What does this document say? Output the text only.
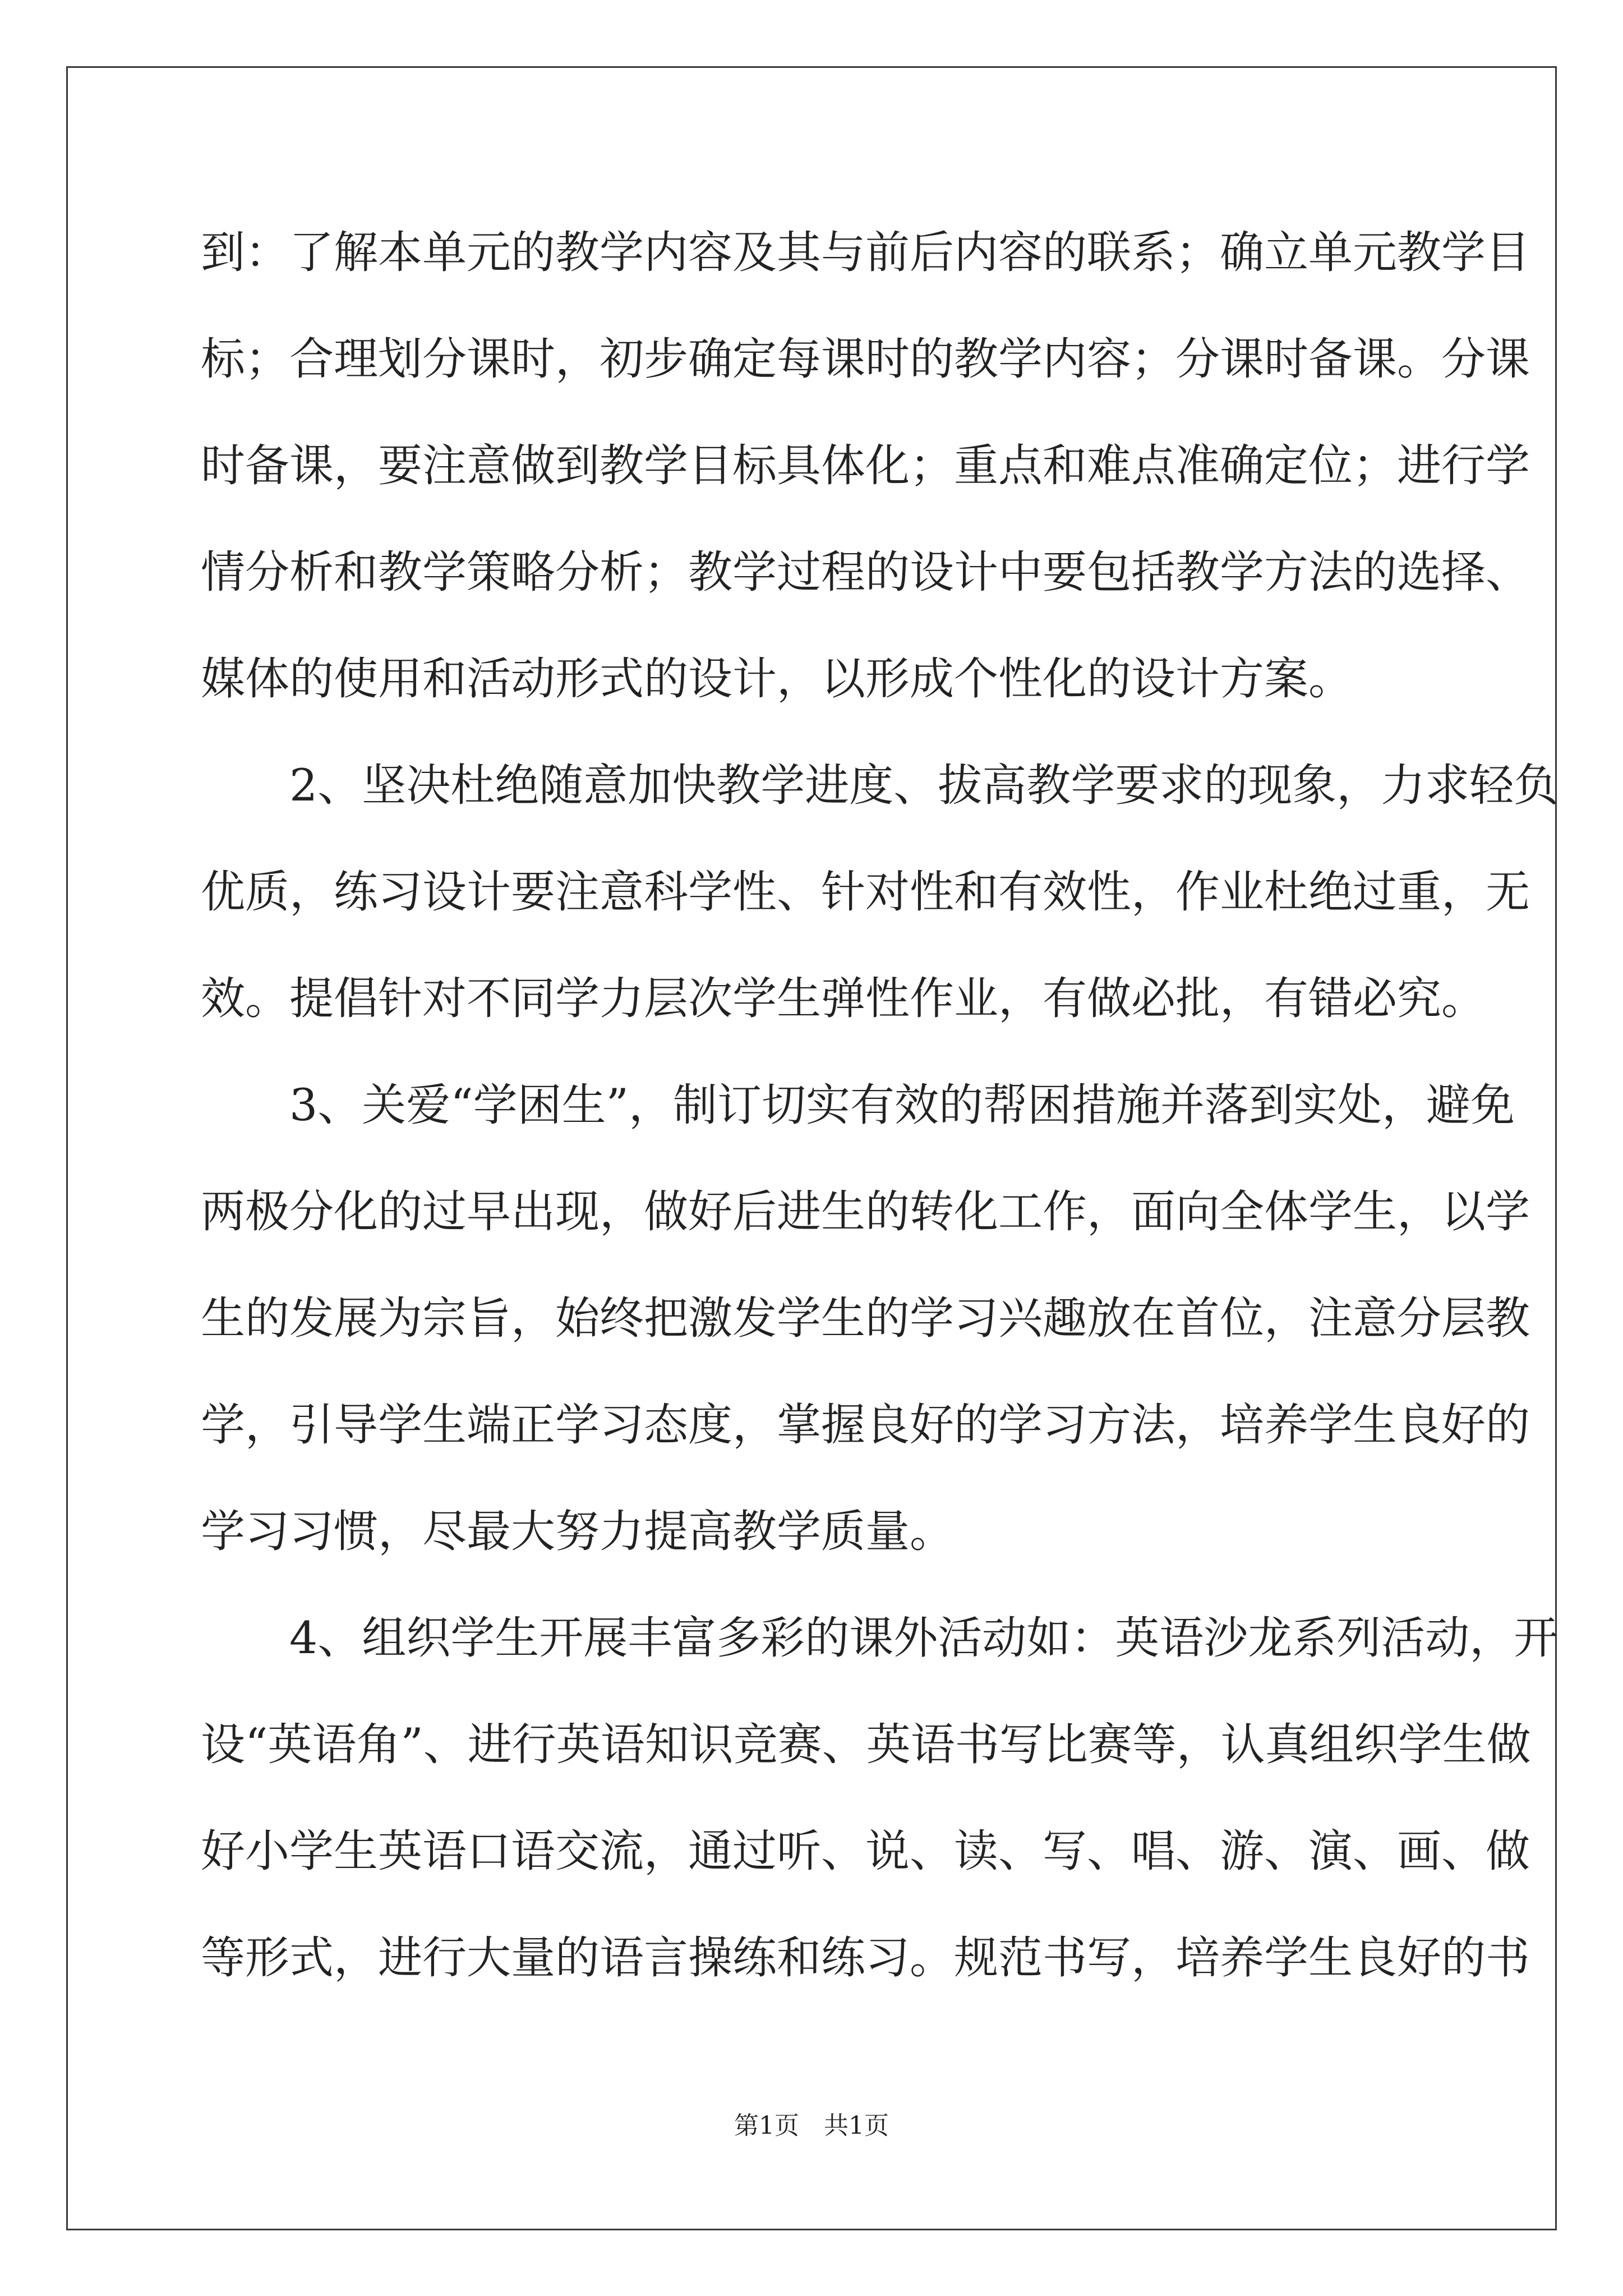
到：了解本单元的教学内容及其与前后内容的联系；确立单元教学目
标；合理划分课时，初步确定每课时的教学内容；分课时备课。分课
时备课，要注意做到教学目标具体化；重点和难点准确定位；进行学
情分析和教学策略分析；教学过程的设计中要包括教学方法的选择、
媒体的使用和活动形式的设计，以形成个性化的设计方案。
　　2、坚决杜绝随意加快教学进度、拔高教学要求的现象，力求轻负
优质，练习设计要注意科学性、针对性和有效性，作业杜绝过重，无
效。提倡针对不同学力层次学生弹性作业，有做必批，有错必究。
　　3、关爱“学困生”，制订切实有效的帮困措施并落到实处，避免
两极分化的过早出现，做好后进生的转化工作，面向全体学生，以学
生的发展为宗旨，始终把激发学生的学习兴趣放在首位，注意分层教
学，引导学生端正学习态度，掌握良好的学习方法，培养学生良好的
学习习惯，尽最大努力提高教学质量。
　　4、组织学生开展丰富多彩的课外活动如：英语沙龙系列活动，开
设“英语角”、进行英语知识竞赛、英语书写比赛等，认真组织学生做
好小学生英语口语交流，通过听、说、读、写、唱、游、演、画、做
等形式，进行大量的语言操练和练习。规范书写，培养学生良好的书
第1页 共1页
